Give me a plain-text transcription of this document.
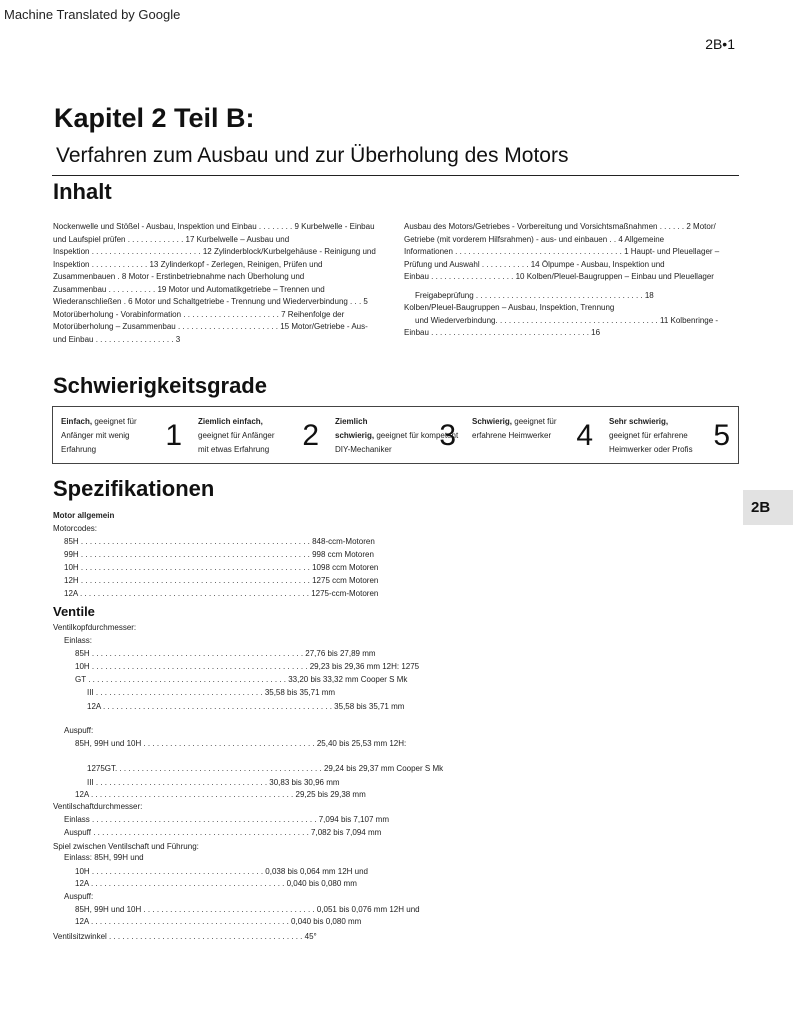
Machine Translated by Google
2B•1
Kapitel 2 Teil B:
Verfahren zum Ausbau und zur Überholung des Motors
Inhalt

Nockenwelle und Stößel - Ausbau, Inspektion und Einbau . . . . . . . . 9 Kurbelwelle - Einbau

und Laufspiel prüfen . . . . . . . . . . . . . 17 Kurbelwelle – Ausbau und

Inspektion . . . . . . . . . . . . . . . . . . . . . . . . . 12 Zylinderblock/Kurbelgehäuse - Reinigung und

Inspektion . . . . . . . . . . . . . 13 Zylinderkopf - Zerlegen, Reinigen, Prüfen und

Zusammenbauen . 8 Motor - Erstinbetriebnahme nach Überholung und

Zusammenbau . . . . . . . . . . . 19 Motor und Automatikgetriebe – Trennen und

Wiederanschließen . 6 Motor und Schaltgetriebe - Trennung und Wiederverbindung . . . 5

Motorüberholung - Vorabinformation . . . . . . . . . . . . . . . . . . . . . . 7 Reihenfolge der

Motorüberholung – Zusammenbau . . . . . . . . . . . . . . . . . . . . . . . 15 Motor/Getriebe - Aus-

und Einbau . . . . . . . . . . . . . . . . . . 3

Ausbau des Motors/Getriebes - Vorbereitung und Vorsichtsmaßnahmen . . . . . . 2 Motor/

Getriebe (mit vorderem Hilfsrahmen) - aus- und einbauen . . 4 Allgemeine

Informationen . . . . . . . . . . . . . . . . . . . . . . . . . . . . . . . . . . . . . . 1 Haupt- und Pleuellager –

Prüfung und Auswahl . . . . . . . . . . . 14 Ölpumpe - Ausbau, Inspektion und

Einbau . . . . . . . . . . . . . . . . . . . 10 Kolben/Pleuel-Baugruppen – Einbau und Pleuellager

Freigabeprüfung . . . . . . . . . . . . . . . . . . . . . . . . . . . . . . . . . . . . . . 18

Kolben/Pleuel-Baugruppen – Ausbau, Inspektion, Trennung

und Wiederverbindung. . . . . . . . . . . . . . . . . . . . . . . . . . . . . . . . . . . . . 11 Kolbenringe -

Einbau . . . . . . . . . . . . . . . . . . . . . . . . . . . . . . . . . . . . 16

Schwierigkeitsgrade
Einfach, geeignet für
Anfänger mit wenig
Erfahrung	1 Ziemlich einfach,
geeignet für Anfänger
mit etwas Erfahrung	2 Ziemlich
schwierig, geeignet für kompetent
DIY-Mechaniker	3 Schwierig, geeignet für
erfahrene Heimwerker 4 Sehr schwierig,
geeignet für erfahrene
Heimwerker oder Profis 5
Spezifikationen
2B
Motor allgemein
Motorcodes:
85H . . . . . . . . . . . . . . . . . . . . . . . . . . . . . . . . . . . . . . . . . . . . . . . . . . . . 848-ccm-Motoren
99H . . . . . . . . . . . . . . . . . . . . . . . . . . . . . . . . . . . . . . . . . . . . . . . . . . . . 998 ccm Motoren
10H . . . . . . . . . . . . . . . . . . . . . . . . . . . . . . . . . . . . . . . . . . . . . . . . . . . . 1098 ccm Motoren
12H . . . . . . . . . . . . . . . . . . . . . . . . . . . . . . . . . . . . . . . . . . . . . . . . . . . . 1275 ccm Motoren
12A . . . . . . . . . . . . . . . . . . . . . . . . . . . . . . . . . . . . . . . . . . . . . . . . . . . . 1275-ccm-Motoren
Ventile
Ventilkopfdurchmesser:
Einlass:
85H . . . . . . . . . . . . . . . . . . . . . . . . . . . . . . . . . . . . . . . . . . . . . . . . 27,76 bis 27,89 mm
10H . . . . . . . . . . . . . . . . . . . . . . . . . . . . . . . . . . . . . . . . . . . . . . . . . 29,23 bis 29,36 mm 12H: 1275
GT . . . . . . . . . . . . . . . . . . . . . . . . . . . . . . . . . . . . . . . . . . . . . 33,20 bis 33,32 mm Cooper S Mk
III . . . . . . . . . . . . . . . . . . . . . . . . . . . . . . . . . . . . . . 35,58 bis 35,71 mm
12A . . . . . . . . . . . . . . . . . . . . . . . . . . . . . . . . . . . . . . . . . . . . . . . . . . . . 35,58 bis 35,71 mm
Auspuff:
85H, 99H und 10H . . . . . . . . . . . . . . . . . . . . . . . . . . . . . . . . . . . . . . . 25,40 bis 25,53 mm 12H:
1275GT. . . . . . . . . . . . . . . . . . . . . . . . . . . . . . . . . . . . . . . . . . . . . . . 29,24 bis 29,37 mm Cooper S Mk
III . . . . . . . . . . . . . . . . . . . . . . . . . . . . . . . . . . . . . . . 30,83 bis 30,96 mm
12A . . . . . . . . . . . . . . . . . . . . . . . . . . . . . . . . . . . . . . . . . . . . . . 29,25 bis 29,38 mm
Ventilschaftdurchmesser:
Einlass . . . . . . . . . . . . . . . . . . . . . . . . . . . . . . . . . . . . . . . . . . . . . . . . . . . 7,094 bis 7,107 mm
Auspuff . . . . . . . . . . . . . . . . . . . . . . . . . . . . . . . . . . . . . . . . . . . . . . . . . 7,082 bis 7,094 mm
Spiel zwischen Ventilschaft und Führung:
Einlass: 85H, 99H und
10H . . . . . . . . . . . . . . . . . . . . . . . . . . . . . . . . . . . . . . . 0,038 bis 0,064 mm 12H und
12A . . . . . . . . . . . . . . . . . . . . . . . . . . . . . . . . . . . . . . . . . . . . 0,040 bis 0,080 mm
Auspuff:
85H, 99H und 10H . . . . . . . . . . . . . . . . . . . . . . . . . . . . . . . . . . . . . . . 0,051 bis 0,076 mm 12H und
12A . . . . . . . . . . . . . . . . . . . . . . . . . . . . . . . . . . . . . . . . . . . . . 0,040 bis 0,080 mm
Ventilsitzwinkel . . . . . . . . . . . . . . . . . . . . . . . . . . . . . . . . . . . . . . . . . . . . 45°
